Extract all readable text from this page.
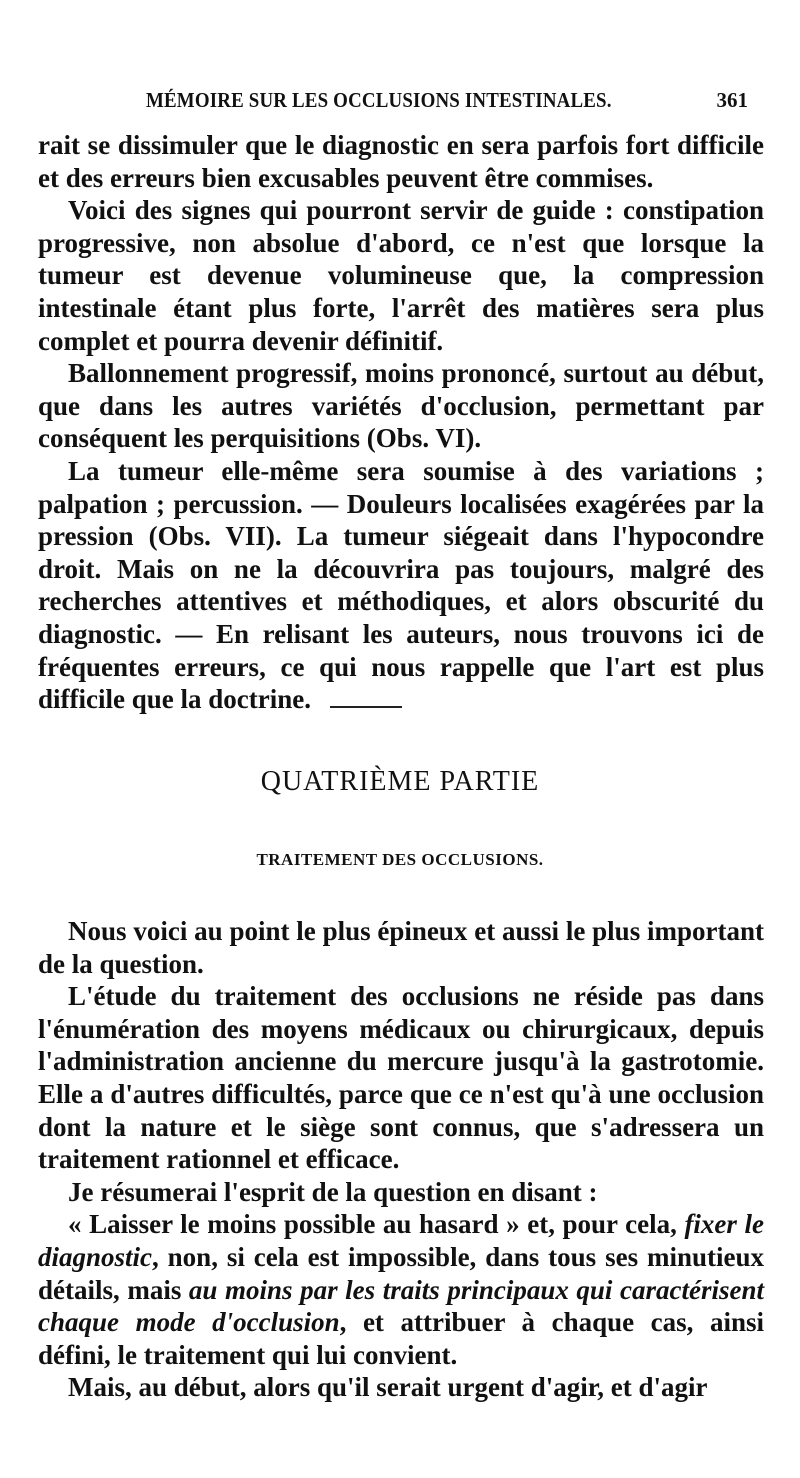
MÉMOIRE SUR LES OCCLUSIONS INTESTINALES.	361

rait se dissimuler que le diagnostic en sera parfois fort difficile et des erreurs bien excusables peuvent être commises.

Voici des signes qui pourront servir de guide : constipation progressive, non absolue d'abord, ce n'est que lorsque la tumeur est devenue volumineuse que, la compression intestinale étant plus forte, l'arrêt des matières sera plus complet et pourra devenir définitif.

Ballonnement progressif, moins prononcé, surtout au début, que dans les autres variétés d'occlusion, permettant par conséquent les perquisitions (Obs. VI).

La tumeur elle-même sera soumise à des variations ; palpation ; percussion. — Douleurs localisées exagérées par la pression (Obs. VII). La tumeur siégeait dans l'hypocondre droit. Mais on ne la découvrira pas toujours, malgré des recherches attentives et méthodiques, et alors obscurité du diagnostic. — En relisant les auteurs, nous trouvons ici de fréquentes erreurs, ce qui nous rappelle que l'art est plus difficile que la doctrine.

QUATRIÈME PARTIE
TRAITEMENT DES OCCLUSIONS.

Nous voici au point le plus épineux et aussi le plus important de la question.

L'étude du traitement des occlusions ne réside pas dans l'énumération des moyens médicaux ou chirurgicaux, depuis l'administration ancienne du mercure jusqu'à la gastrotomie. Elle a d'autres difficultés, parce que ce n'est qu'à une occlusion dont la nature et le siège sont connus, que s'adressera un traitement rationnel et efficace.

Je résumerai l'esprit de la question en disant :

« Laisser le moins possible au hasard » et, pour cela, fixer le diagnostic, non, si cela est impossible, dans tous ses minutieux détails, mais au moins par les traits principaux qui caractérisent chaque mode d'occlusion, et attribuer à chaque cas, ainsi défini, le traitement qui lui convient.

Mais, au début, alors qu'il serait urgent d'agir, et d'agir
